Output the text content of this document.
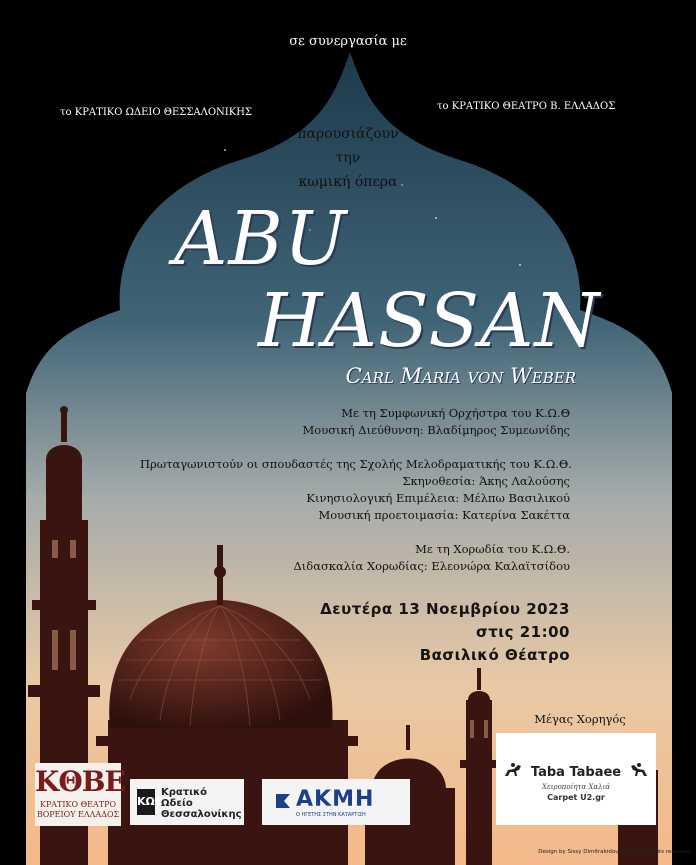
σε συνεργασία με

το ΚΡΑΤΙΚΟ ΩΔΕΙΟ ΘΕΣΣΑΛΟΝΙΚΗΣ

το ΚΡΑΤΙΚΟ ΘΕΑΤΡΟ Β. ΕΛΛΑΔΟΣ

παρουσιάζουν
την
κωμική όπερα

ABU

HASSAN

Carl Maria von Weber

Με τη Συμφωνική Ορχήστρα του Κ.Ω.Θ

Μουσική Διεύθυνση: Βλαδίμηρος Συμεωνίδης

Πρωταγωνιστούν οι σπουδαστές της Σχολής Μελοδραματικής του Κ.Ω.Θ.

Σκηνοθεσία: Άκης Λαλούσης

Κινησιολογική Επιμέλεια: Μέλπω Βασιλικού

Μουσική προετοιμασία: Κατερίνα Σακέττα

Με τη Χορωδία του Κ.Ω.Θ.

Διδασκαλία Χορωδίας: Ελεονώρα Καλαϊτσίδου

Δευτέρα 13 Νοεμβρίου 2023
στις 21:00
Βασιλικό Θέατρο

Μέγας Χορηγός

Taba Tabaee
Χειροποίητα Χαλιά
Carpet U2.gr
ΚΘΒΕ
ΚΡΑΤΙΚΟ ΘΕΑΤΡΟ
ΒΟΡΕΙΟΥ ΕΛΛΑΔΟΣ
ΚΩΘ
Κρατικό
Ωδείο
Θεσσαλονίκης
ΑΚΜΗ
Ο ΗΓΕΤΗΣ ΣΤΗΝ ΚΑΤΑΡΤΙΣΗ

Design by Sissy Dimitrakidou, 2023, All rights reserved
